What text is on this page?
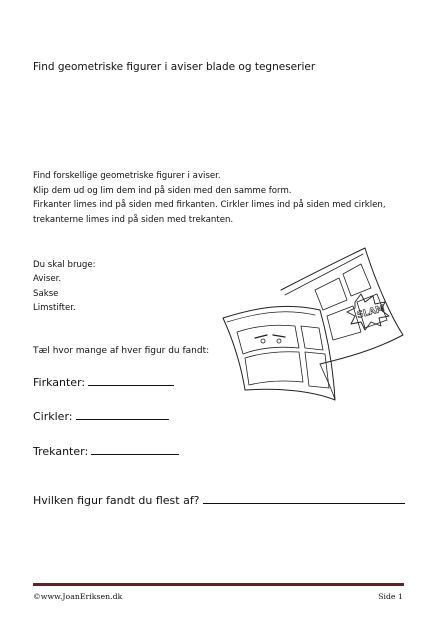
Find geometriske figurer i aviser blade og tegneserier
Find forskellige geometriske figurer i aviser.
Klip dem ud og lim dem ind på siden med den samme form.
Firkanter limes ind på siden med firkanten. Cirkler limes ind på siden med cirklen,
trekanterne limes ind på siden med trekanten.
Du skal bruge:
Aviser.
Sakse
Limstifter.
Tæl hvor mange af hver figur du fandt:
Firkanter:
Cirkler:
Trekanter:
Hvilken figur fandt du flest af?
SLAM
©www.JoanEriksen.dk	Side 1
